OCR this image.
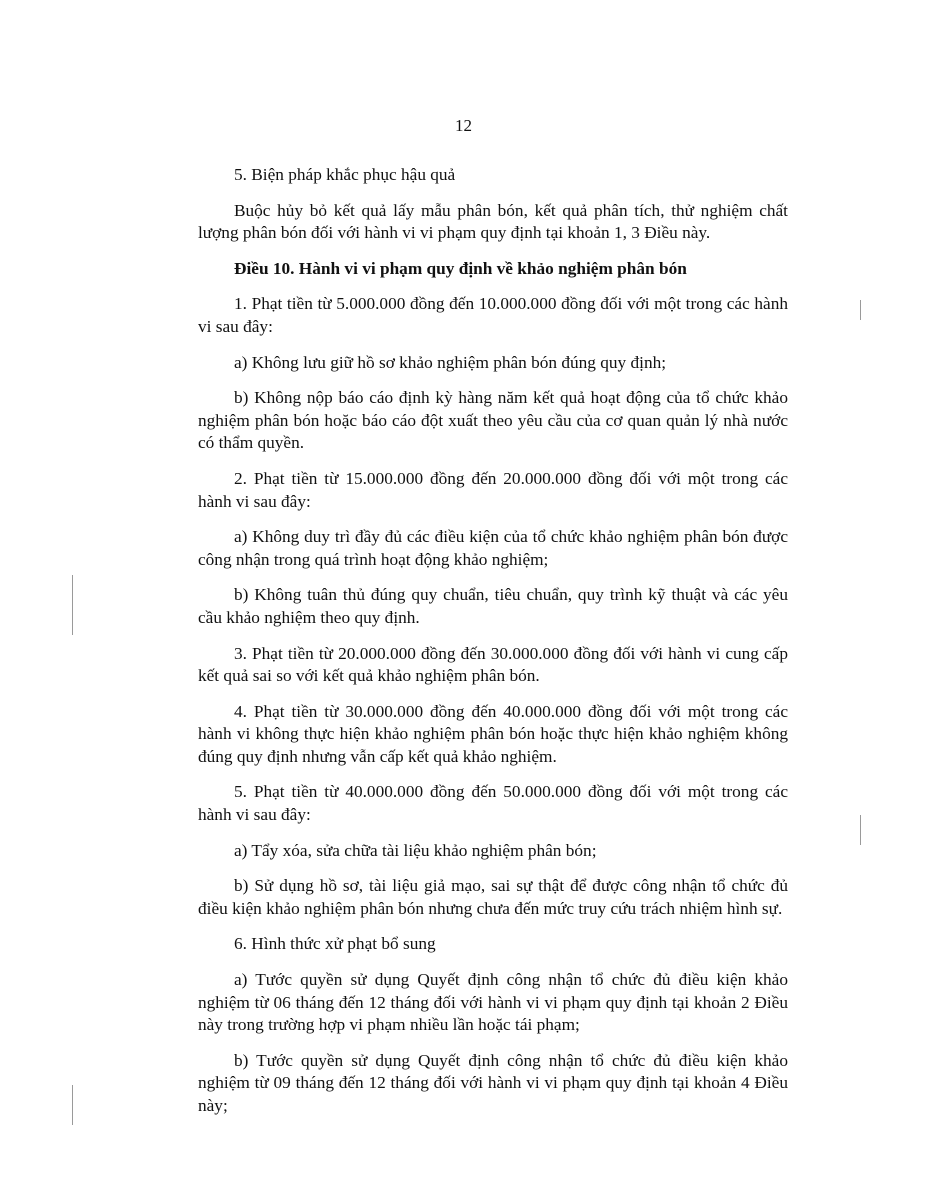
12

5. Biện pháp khắc phục hậu quả

Buộc hủy bỏ kết quả lấy mẫu phân bón, kết quả phân tích, thử nghiệm chất lượng phân bón đối với hành vi vi phạm quy định tại khoản 1, 3 Điều này.

Điều 10. Hành vi vi phạm quy định về khảo nghiệm phân bón

1. Phạt tiền từ 5.000.000 đồng đến 10.000.000 đồng đối với một trong các hành vi sau đây:

a) Không lưu giữ hồ sơ khảo nghiệm phân bón đúng quy định;

b) Không nộp báo cáo định kỳ hàng năm kết quả hoạt động của tổ chức khảo nghiệm phân bón hoặc báo cáo đột xuất theo yêu cầu của cơ quan quản lý nhà nước có thẩm quyền.

2. Phạt tiền từ 15.000.000 đồng đến 20.000.000 đồng đối với một trong các hành vi sau đây:

a) Không duy trì đầy đủ các điều kiện của tổ chức khảo nghiệm phân bón được công nhận trong quá trình hoạt động khảo nghiệm;

b) Không tuân thủ đúng quy chuẩn, tiêu chuẩn, quy trình kỹ thuật và các yêu cầu khảo nghiệm theo quy định.

3. Phạt tiền từ 20.000.000 đồng đến 30.000.000 đồng đối với hành vi cung cấp kết quả sai so với kết quả khảo nghiệm phân bón.

4. Phạt tiền từ 30.000.000 đồng đến 40.000.000 đồng đối với một trong các hành vi không thực hiện khảo nghiệm phân bón hoặc thực hiện khảo nghiệm không đúng quy định nhưng vẫn cấp kết quả khảo nghiệm.

5. Phạt tiền từ 40.000.000 đồng đến 50.000.000 đồng đối với một trong các hành vi sau đây:

a) Tẩy xóa, sửa chữa tài liệu khảo nghiệm phân bón;

b) Sử dụng hồ sơ, tài liệu giả mạo, sai sự thật để được công nhận tổ chức đủ điều kiện khảo nghiệm phân bón nhưng chưa đến mức truy cứu trách nhiệm hình sự.

6. Hình thức xử phạt bổ sung

a) Tước quyền sử dụng Quyết định công nhận tổ chức đủ điều kiện khảo nghiệm từ 06 tháng đến 12 tháng đối với hành vi vi phạm quy định tại khoản 2 Điều này trong trường hợp vi phạm nhiều lần hoặc tái phạm;

b) Tước quyền sử dụng Quyết định công nhận tổ chức đủ điều kiện khảo nghiệm từ 09 tháng đến 12 tháng đối với hành vi vi phạm quy định tại khoản 4 Điều này;
